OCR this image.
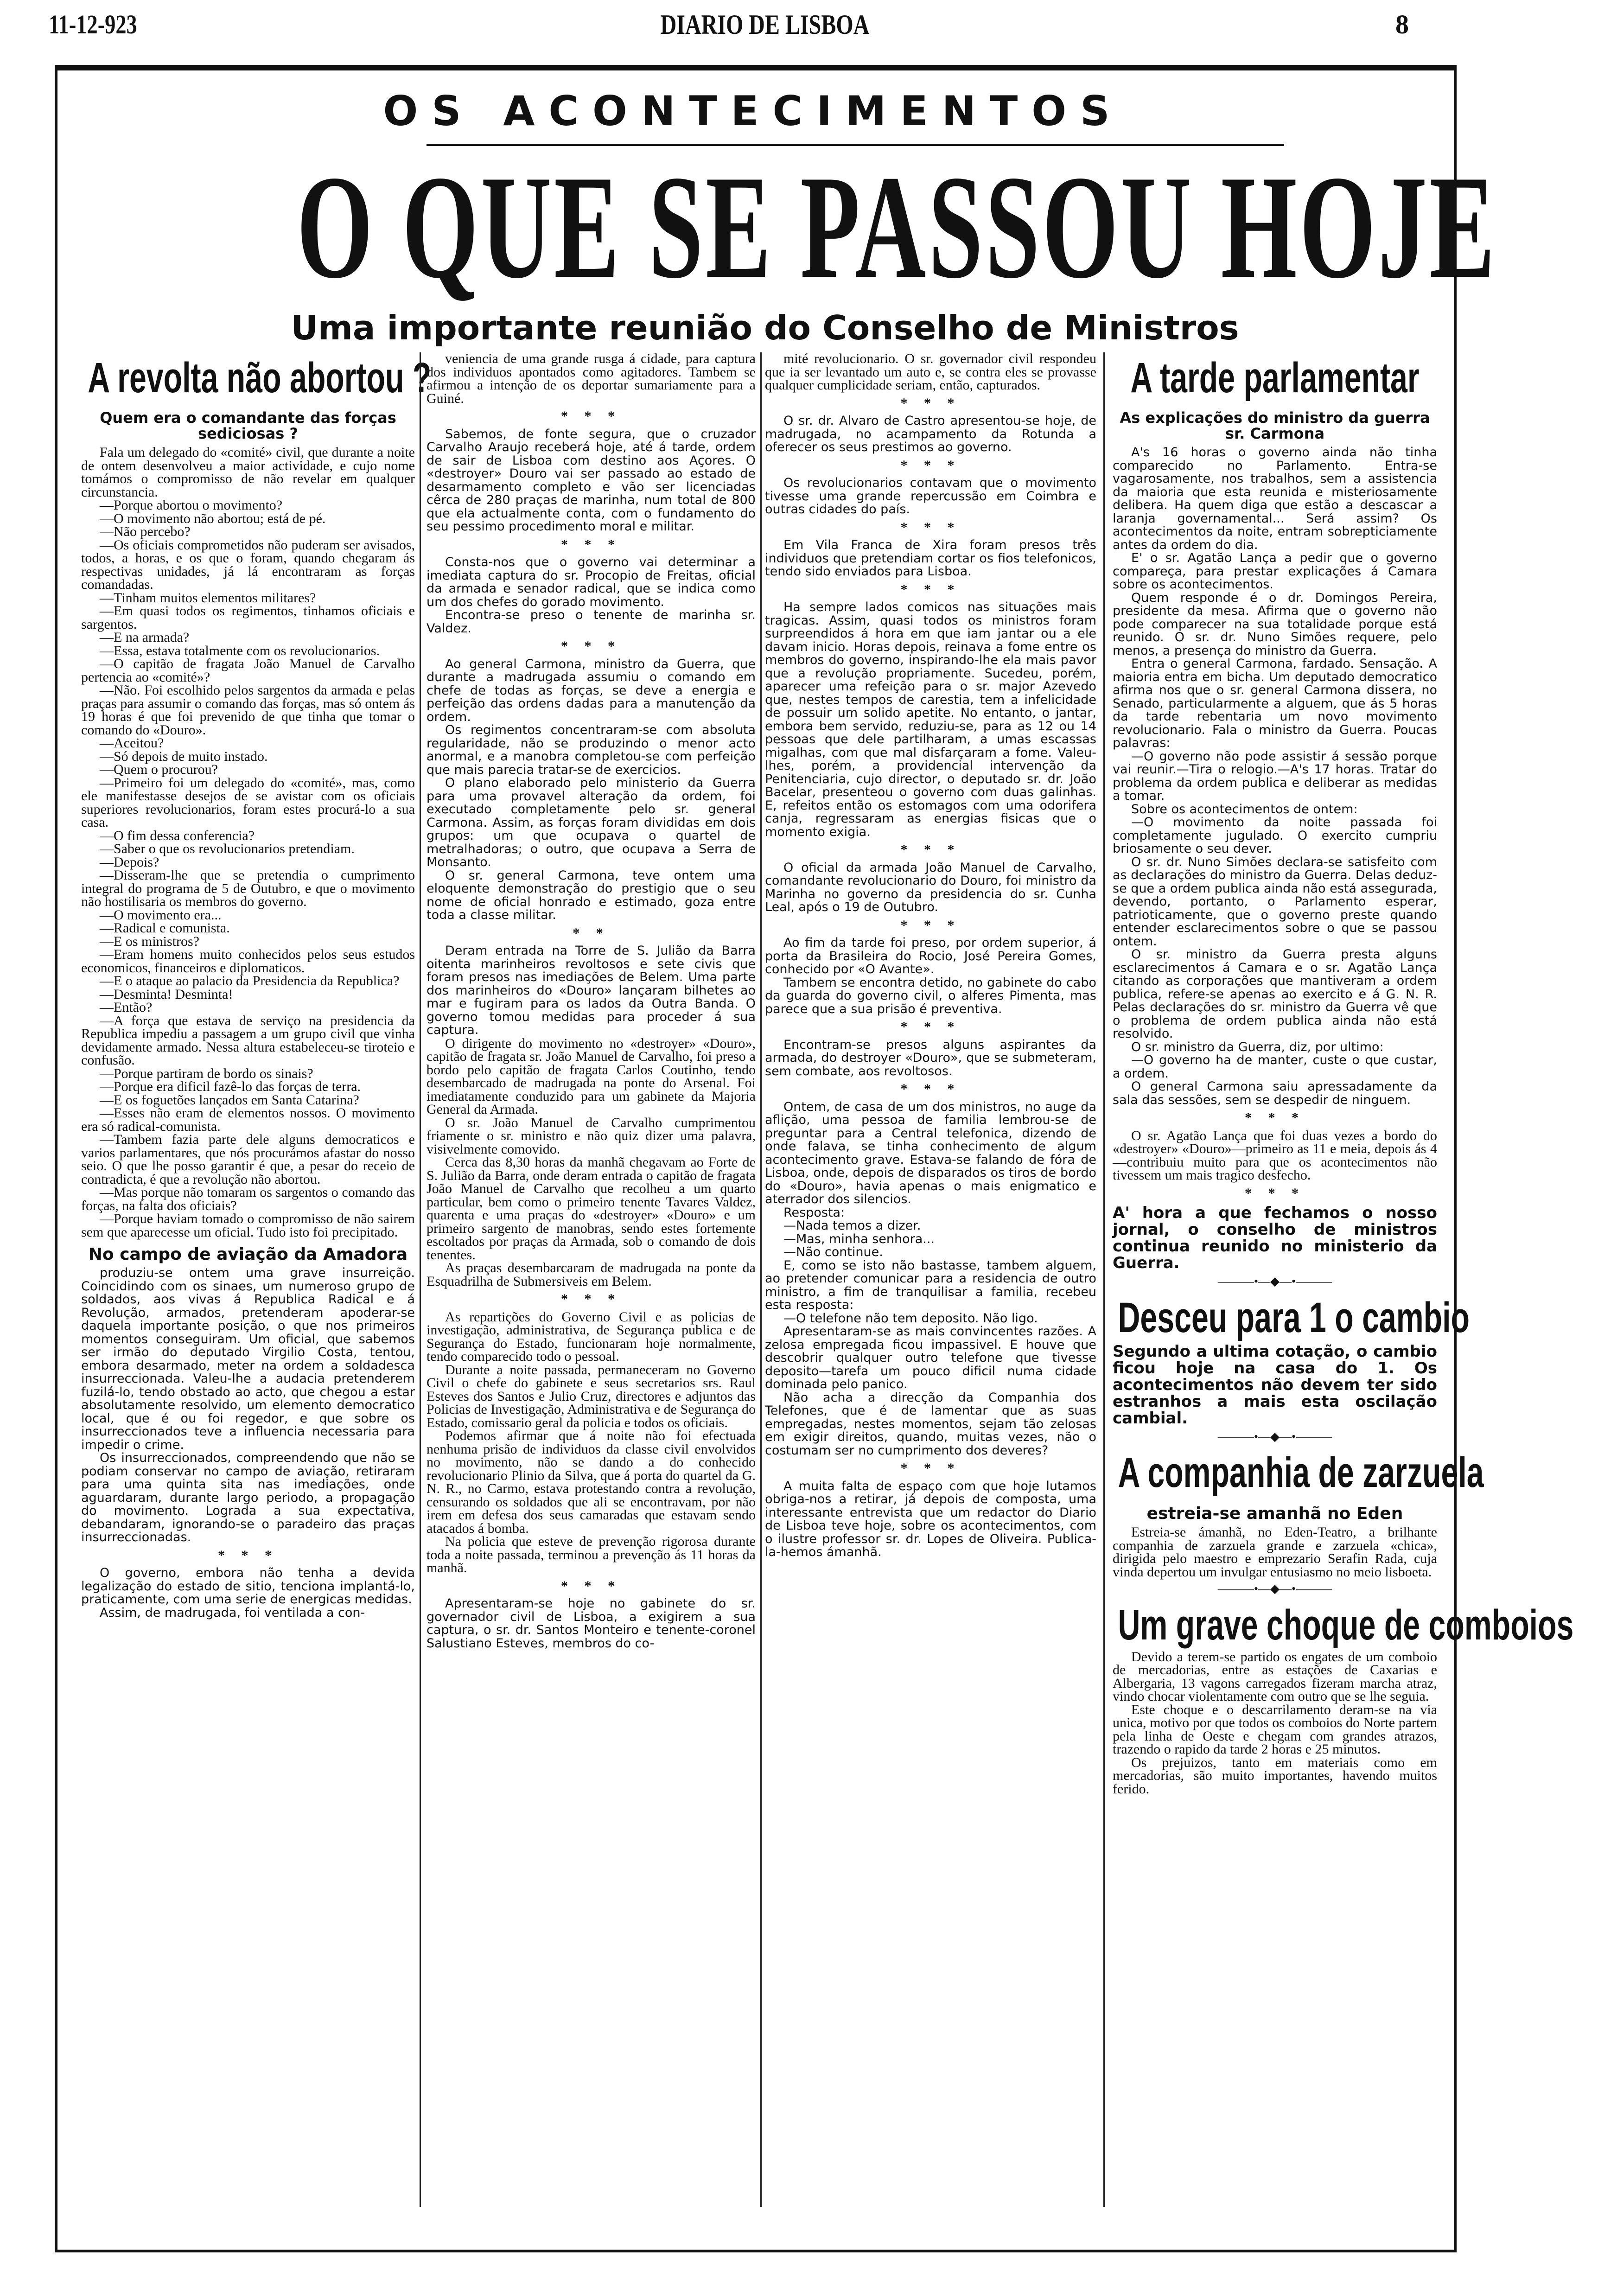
11-12-923	DIARIO DE LISBOA	8
OS ACONTECIMENTOS
O QUE SE PASSOU HOJE
Uma importante reunião do Conselho de Ministros
A revolta não abortou ?
Quem era o comandante das forças sediciosas ?

Fala um delegado do «comité» civil, que durante a noite de ontem desenvolveu a maior actividade, e cujo nome tomámos o compromisso de não revelar em qualquer circunstancia.

—Porque abortou o movimento?

—O movimento não abortou; está de pé.

—Não percebo?

—Os oficiais comprometidos não puderam ser avisados, todos, a horas, e os que o foram, quando chegaram ás respectivas unidades, já lá encontraram as forças comandadas.

—Tinham muitos elementos militares?

—Em quasi todos os regimentos, tinhamos oficiais e sargentos.

—E na armada?

—Essa, estava totalmente com os revolucionarios.

—O capitão de fragata João Manuel de Carvalho pertencia ao «comité»?

—Não. Foi escolhido pelos sargentos da armada e pelas praças para assumir o comando das forças, mas só ontem ás 19 horas é que foi prevenido de que tinha que tomar o comando do «Douro».

—Aceitou?

—Só depois de muito instado.

—Quem o procurou?

—Primeiro foi um delegado do «comité», mas, como ele manifestasse desejos de se avistar com os oficiais superiores revolucionarios, foram estes procurá-lo a sua casa.

—O fim dessa conferencia?

—Saber o que os revolucionarios pretendiam.

—Depois?

—Disseram-lhe que se pretendia o cumprimento integral do programa de 5 de Outubro, e que o movimento não hostilisaria os membros do governo.

—O movimento era...

—Radical e comunista.

—E os ministros?

—Eram homens muito conhecidos pelos seus estudos economicos, financeiros e diplomaticos.

—E o ataque ao palacio da Presidencia da Republica?

—Desminta! Desminta!

—Então?

—A força que estava de serviço na presidencia da Republica impediu a passagem a um grupo civil que vinha devidamente armado. Nessa altura estabeleceu-se tiroteio e confusão.

—Porque partiram de bordo os sinais?

—Porque era dificil fazê-lo das forças de terra.

—E os foguetões lançados em Santa Catarina?

—Esses não eram de elementos nossos. O movimento era só radical-comunista.

—Tambem fazia parte dele alguns democraticos e varios parlamentares, que nós procurámos afastar do nosso seio. O que lhe posso garantir é que, a pesar do receio de contradicta, é que a revolução não abortou.

—Mas porque não tomaram os sargentos o comando das forças, na falta dos oficiais?

—Porque haviam tomado o compromisso de não sairem sem que aparecesse um oficial. Tudo isto foi precipitado.

No campo de aviação da Amadora

produziu-se ontem uma grave insurreição. Coincidindo com os sinaes, um numeroso grupo de soldados, aos vivas á Republica Radical e á Revolução, armados, pretenderam apoderar-se daquela importante posição, o que nos primeiros momentos conseguiram. Um oficial, que sabemos ser irmão do deputado Virgilio Costa, tentou, embora desarmado, meter na ordem a soldadesca insurreccionada. Valeu-lhe a audacia pretenderem fuzilá-lo, tendo obstado ao acto, que chegou a estar absolutamente resolvido, um elemento democratico local, que é ou foi regedor, e que sobre os insurreccionados teve a influencia necessaria para impedir o crime.

Os insurreccionados, compreendendo que não se podiam conservar no campo de aviação, retiraram para uma quinta sita nas imediações, onde aguardaram, durante largo periodo, a propagação do movimento. Lograda a sua expectativa, debandaram, ignorando-se o paradeiro das praças insurreccionadas.

* * *

O governo, embora não tenha a devida legalização do estado de sitio, tenciona implantá-lo, praticamente, com uma serie de energicas medidas.

Assim, de madrugada, foi ventilada a con-

veniencia de uma grande rusga á cidade, para captura dos individuos apontados como agitadores. Tambem se afirmou a intenção de os deportar sumariamente para a Guiné.

* * *

Sabemos, de fonte segura, que o cruzador Carvalho Araujo receberá hoje, até á tarde, ordem de sair de Lisboa com destino aos Açores. O «destroyer» Douro vai ser passado ao estado de desarmamento completo e vão ser licenciadas cêrca de 280 praças de marinha, num total de 800 que ela actualmente conta, com o fundamento do seu pessimo procedimento moral e militar.

* * *

Consta-nos que o governo vai determinar a imediata captura do sr. Procopio de Freitas, oficial da armada e senador radical, que se indica como um dos chefes do gorado movimento.

Encontra-se preso o tenente de marinha sr. Valdez.

* * *

Ao general Carmona, ministro da Guerra, que durante a madrugada assumiu o comando em chefe de todas as forças, se deve a energia e perfeição das ordens dadas para a manutenção da ordem.

Os regimentos concentraram-se com absoluta regularidade, não se produzindo o menor acto anormal, e a manobra completou-se com perfeição que mais parecia tratar-se de exercicios.

O plano elaborado pelo ministerio da Guerra para uma provavel alteração da ordem, foi executado completamente pelo sr. general Carmona. Assim, as forças foram divididas em dois grupos: um que ocupava o quartel de metralhadoras; o outro, que ocupava a Serra de Monsanto.

O sr. general Carmona, teve ontem uma eloquente demonstração do prestigio que o seu nome de oficial honrado e estimado, goza entre toda a classe militar.

* *

Deram entrada na Torre de S. Julião da Barra oitenta marinheiros revoltosos e sete civis que foram presos nas imediações de Belem. Uma parte dos marinheiros do «Douro» lançaram bilhetes ao mar e fugiram para os lados da Outra Banda. O governo tomou medidas para proceder á sua captura.

O dirigente do movimento no «destroyer» «Douro», capitão de fragata sr. João Manuel de Carvalho, foi preso a bordo pelo capitão de fragata Carlos Coutinho, tendo desembarcado de madrugada na ponte do Arsenal. Foi imediatamente conduzido para um gabinete da Majoria General da Armada.

O sr. João Manuel de Carvalho cumprimentou friamente o sr. ministro e não quiz dizer uma palavra, visivelmente comovido.

Cerca das 8,30 horas da manhã chegavam ao Forte de S. Julião da Barra, onde deram entrada o capitão de fragata João Manuel de Carvalho que recolheu a um quarto particular, bem como o primeiro tenente Tavares Valdez, quarenta e uma praças do «destroyer» «Douro» e um primeiro sargento de manobras, sendo estes fortemente escoltados por praças da Armada, sob o comando de dois tenentes.

As praças desembarcaram de madrugada na ponte da Esquadrilha de Submersiveis em Belem.

* * *

As repartições do Governo Civil e as policias de investigação, administrativa, de Segurança publica e de Segurança do Estado, funcionaram hoje normalmente, tendo comparecido todo o pessoal.

Durante a noite passada, permaneceram no Governo Civil o chefe do gabinete e seus secretarios srs. Raul Esteves dos Santos e Julio Cruz, directores e adjuntos das Policias de Investigação, Administrativa e de Segurança do Estado, comissario geral da policia e todos os oficiais.

Podemos afirmar que á noite não foi efectuada nenhuma prisão de individuos da classe civil envolvidos no movimento, não se dando a do conhecido revolucionario Plinio da Silva, que á porta do quartel da G. N. R., no Carmo, estava protestando contra a revolução, censurando os soldados que ali se encontravam, por não irem em defesa dos seus camaradas que estavam sendo atacados á bomba.

Na policia que esteve de prevenção rigorosa durante toda a noite passada, terminou a prevenção ás 11 horas da manhã.

* * *

Apresentaram-se hoje no gabinete do sr. governador civil de Lisboa, a exigirem a sua captura, o sr. dr. Santos Monteiro e tenente-coronel Salustiano Esteves, membros do co-

mité revolucionario. O sr. governador civil respondeu que ia ser levantado um auto e, se contra eles se provasse qualquer cumplicidade seriam, então, capturados.

* * *

O sr. dr. Alvaro de Castro apresentou-se hoje, de madrugada, no acampamento da Rotunda a oferecer os seus prestimos ao governo.

* * *

Os revolucionarios contavam que o movimento tivesse uma grande repercussão em Coimbra e outras cidades do país.

* * *

Em Vila Franca de Xira foram presos três individuos que pretendiam cortar os fios telefonicos, tendo sido enviados para Lisboa.

* * *

Ha sempre lados comicos nas situações mais tragicas. Assim, quasi todos os ministros foram surpreendidos á hora em que iam jantar ou a ele davam inicio. Horas depois, reinava a fome entre os membros do governo, inspirando-lhe ela mais pavor que a revolução propriamente. Sucedeu, porém, aparecer uma refeição para o sr. major Azevedo que, nestes tempos de carestia, tem a infelicidade de possuir um solido apetite. No entanto, o jantar, embora bem servido, reduziu-se, para as 12 ou 14 pessoas que dele partilharam, a umas escassas migalhas, com que mal disfarçaram a fome. Valeu-lhes, porém, a providencial intervenção da Penitenciaria, cujo director, o deputado sr. dr. João Bacelar, presenteou o governo com duas galinhas. E, refeitos então os estomagos com uma odorifera canja, regressaram as energias fisicas que o momento exigia.

* * *

O oficial da armada João Manuel de Carvalho, comandante revolucionario do Douro, foi ministro da Marinha no governo da presidencia do sr. Cunha Leal, após o 19 de Outubro.

* * *

Ao fim da tarde foi preso, por ordem superior, á porta da Brasileira do Rocio, José Pereira Gomes, conhecido por «O Avante».

Tambem se encontra detido, no gabinete do cabo da guarda do governo civil, o alferes Pimenta, mas parece que a sua prisão é preventiva.

* * *

Encontram-se presos alguns aspirantes da armada, do destroyer «Douro», que se submeteram, sem combate, aos revoltosos.

* * *

Ontem, de casa de um dos ministros, no auge da aflição, uma pessoa de familia lembrou-se de preguntar para a Central telefonica, dizendo de onde falava, se tinha conhecimento de algum acontecimento grave. Estava-se falando de fóra de Lisboa, onde, depois de disparados os tiros de bordo do «Douro», havia apenas o mais enigmatico e aterrador dos silencios.

Resposta:

—Nada temos a dizer.

—Mas, minha senhora...

—Não continue.

E, como se isto não bastasse, tambem alguem, ao pretender comunicar para a residencia de outro ministro, a fim de tranquilisar a familia, recebeu esta resposta:

—O telefone não tem deposito. Não ligo.

Apresentaram-se as mais convincentes razões. A zelosa empregada ficou impassivel. E houve que descobrir qualquer outro telefone que tivesse deposito—tarefa um pouco dificil numa cidade dominada pelo panico.

Não acha a direcção da Companhia dos Telefones, que é de lamentar que as suas empregadas, nestes momentos, sejam tão zelosas em exigir direitos, quando, muitas vezes, não o costumam ser no cumprimento dos deveres?

* * *

A muita falta de espaço com que hoje lutamos obriga-nos a retirar, já depois de composta, uma interessante entrevista que um redactor do Diario de Lisboa teve hoje, sobre os acontecimentos, com o ilustre professor sr. dr. Lopes de Oliveira. Publica-la-hemos ámanhã.

A tarde parlamentar
As explicações do ministro da guerra sr. Carmona

A's 16 horas o governo ainda não tinha comparecido no Parlamento. Entra-se vagarosamente, nos trabalhos, sem a assistencia da maioria que esta reunida e misteriosamente delibera. Ha quem diga que estão a descascar a laranja governamental... Será assim? Os acontecimentos da noite, entram sobrepticiamente antes da ordem do dia.

E' o sr. Agatão Lança a pedir que o governo compareça, para prestar explicações á Camara sobre os acontecimentos.

Quem responde é o dr. Domingos Pereira, presidente da mesa. Afirma que o governo não pode comparecer na sua totalidade porque está reunido. O sr. dr. Nuno Simões requere, pelo menos, a presença do ministro da Guerra.

Entra o general Carmona, fardado. Sensação. A maioria entra em bicha. Um deputado democratico afirma nos que o sr. general Carmona dissera, no Senado, particularmente a alguem, que ás 5 horas da tarde rebentaria um novo movimento revolucionario. Fala o ministro da Guerra. Poucas palavras:

—O governo não pode assistir á sessão porque vai reunir.—Tira o relogio.—A's 17 horas. Tratar do problema da ordem publica e deliberar as medidas a tomar.

Sobre os acontecimentos de ontem:

—O movimento da noite passada foi completamente jugulado. O exercito cumpriu briosamente o seu dever.

O sr. dr. Nuno Simões declara-se satisfeito com as declarações do ministro da Guerra. Delas deduz-se que a ordem publica ainda não está assegurada, devendo, portanto, o Parlamento esperar, patrioticamente, que o governo preste quando entender esclarecimentos sobre o que se passou ontem.

O sr. ministro da Guerra presta alguns esclarecimentos á Camara e o sr. Agatão Lança citando as corporações que mantiveram a ordem publica, refere-se apenas ao exercito e á G. N. R. Pelas declarações do sr. ministro da Guerra vê que o problema de ordem publica ainda não está resolvido.

O sr. ministro da Guerra, diz, por ultimo:

—O governo ha de manter, custe o que custar, a ordem.

O general Carmona saiu apressadamente da sala das sessões, sem se despedir de ninguem.

* * *

O sr. Agatão Lança que foi duas vezes a bordo do «destroyer» «Douro»—primeiro as 11 e meia, depois ás 4—contribuiu muito para que os acontecimentos não tivessem um mais tragico desfecho.

* * *
A' hora a que fechamos o nosso jornal, o conselho de ministros continua reunido no ministerio da Guerra.
———•—◆—•———
Desceu para 1 o cambio
Segundo a ultima cotação, o cambio ficou hoje na casa do 1. Os acontecimentos não devem ter sido estranhos a mais esta oscilação cambial.
———•—◆—•———
A companhia de zarzuela
estreia-se amanhã no Eden

Estreia-se ámanhã, no Eden-Teatro, a brilhante companhia de zarzuela grande e zarzuela «chica», dirigida pelo maestro e emprezario Serafin Rada, cuja vinda depertou um invulgar entusiasmo no meio lisboeta.

———•—◆—•———
Um grave choque de comboios

Devido a terem-se partido os engates de um comboio de mercadorias, entre as estações de Caxarias e Albergaria, 13 vagons carregados fizeram marcha atraz, vindo chocar violentamente com outro que se lhe seguia.

Este choque e o descarrilamento deram-se na via unica, motivo por que todos os comboios do Norte partem pela linha de Oeste e chegam com grandes atrazos, trazendo o rapido da tarde 2 horas e 25 minutos.

Os prejuizos, tanto em materiais como em mercadorias, são muito importantes, havendo muitos ferido.
